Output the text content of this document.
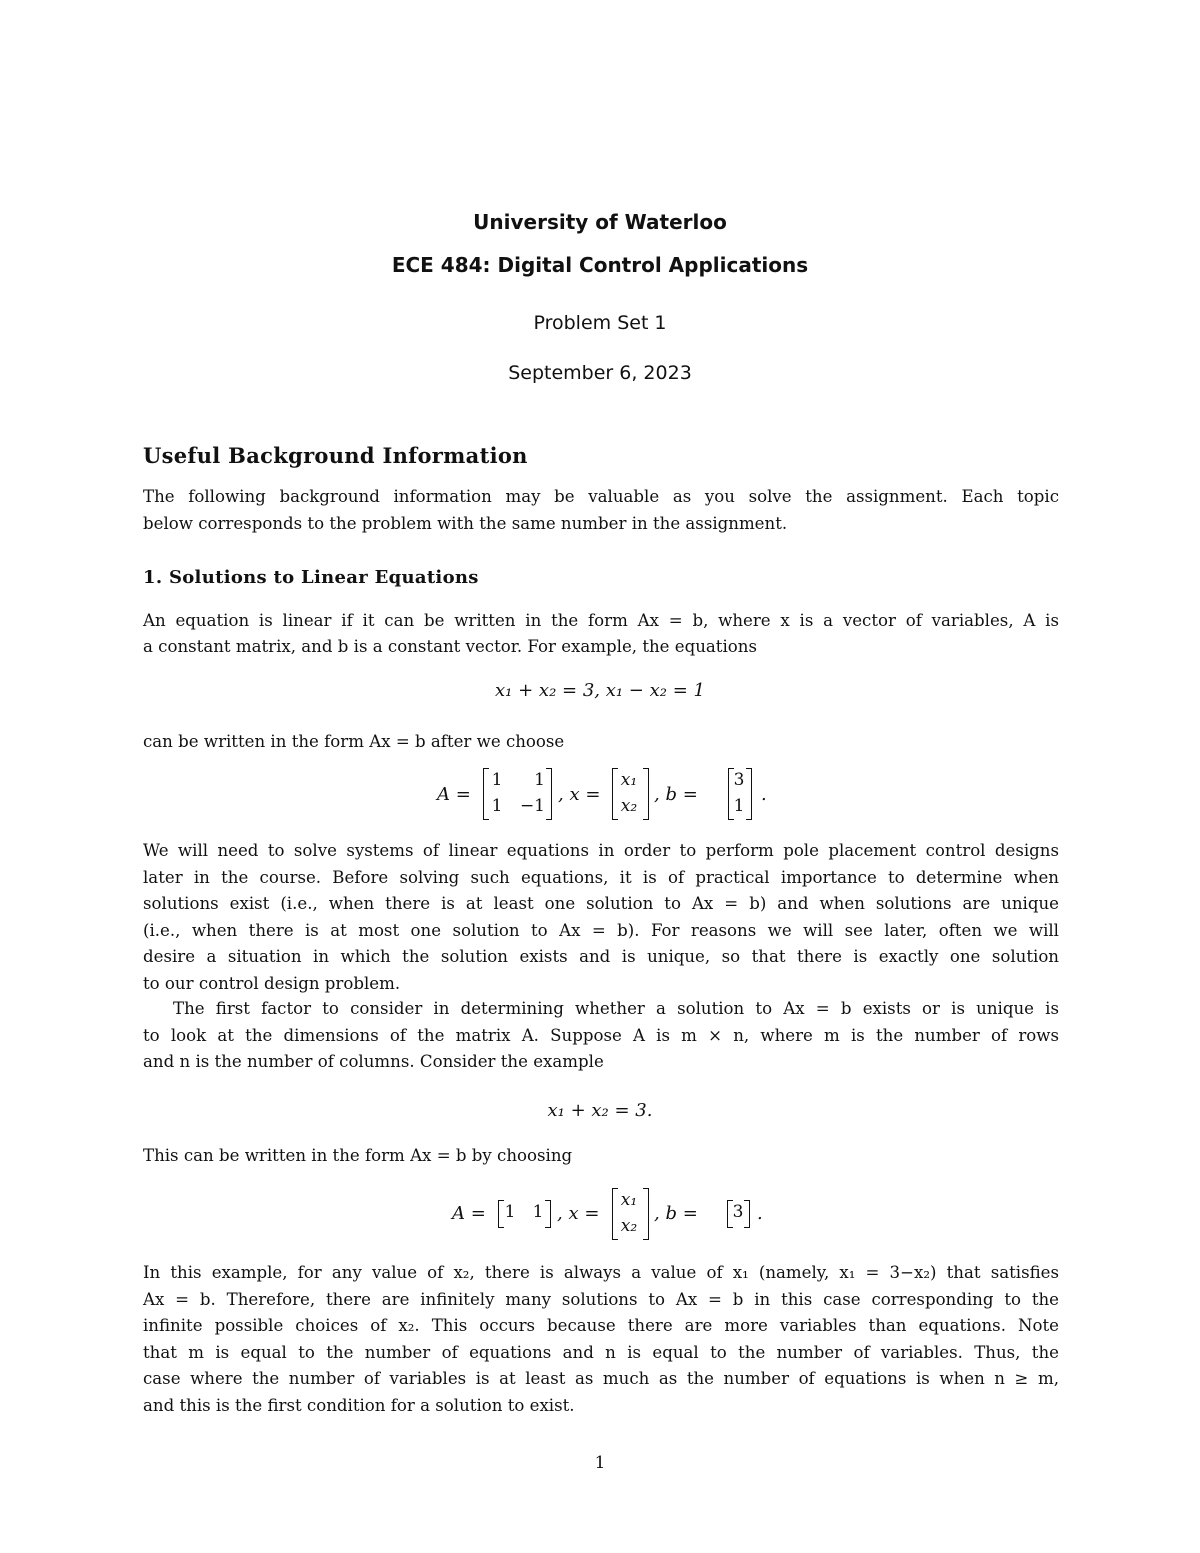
University of Waterloo
ECE 484: Digital Control Applications
Problem Set 1
September 6, 2023
Useful Background Information
The following background information may be valuable as you solve the assignment. Each topic
below corresponds to the problem with the same number in the assignment.
1. Solutions to Linear Equations
An equation is linear if it can be written in the form Ax = b, where x is a vector of variables, A is
a constant matrix, and b is a constant vector. For example, the equations
x₁ + x₂ = 3, x₁ − x₂ = 1
can be written in the form Ax = b after we choose
A =
1	1
1 −1
, x =
x₁
x₂
, b =
3
1
.
We will need to solve systems of linear equations in order to perform pole placement control designs
later in the course. Before solving such equations, it is of practical importance to determine when
solutions exist (i.e., when there is at least one solution to Ax = b) and when solutions are unique
(i.e., when there is at most one solution to Ax = b). For reasons we will see later, often we will
desire a situation in which the solution exists and is unique, so that there is exactly one solution
to our control design problem.
The first factor to consider in determining whether a solution to Ax = b exists or is unique is
to look at the dimensions of the matrix A. Suppose A is m × n, where m is the number of rows
and n is the number of columns. Consider the example
x₁ + x₂ = 3.
This can be written in the form Ax = b by choosing
A = 1 1 , x =
x₁
x₂
, b = 3 .
In this example, for any value of x₂, there is always a value of x₁ (namely, x₁ = 3−x₂) that satisfies
Ax = b. Therefore, there are infinitely many solutions to Ax = b in this case corresponding to the
infinite possible choices of x₂. This occurs because there are more variables than equations. Note
that m is equal to the number of equations and n is equal to the number of variables. Thus, the
case where the number of variables is at least as much as the number of equations is when n ≥ m,
and this is the first condition for a solution to exist.
1
